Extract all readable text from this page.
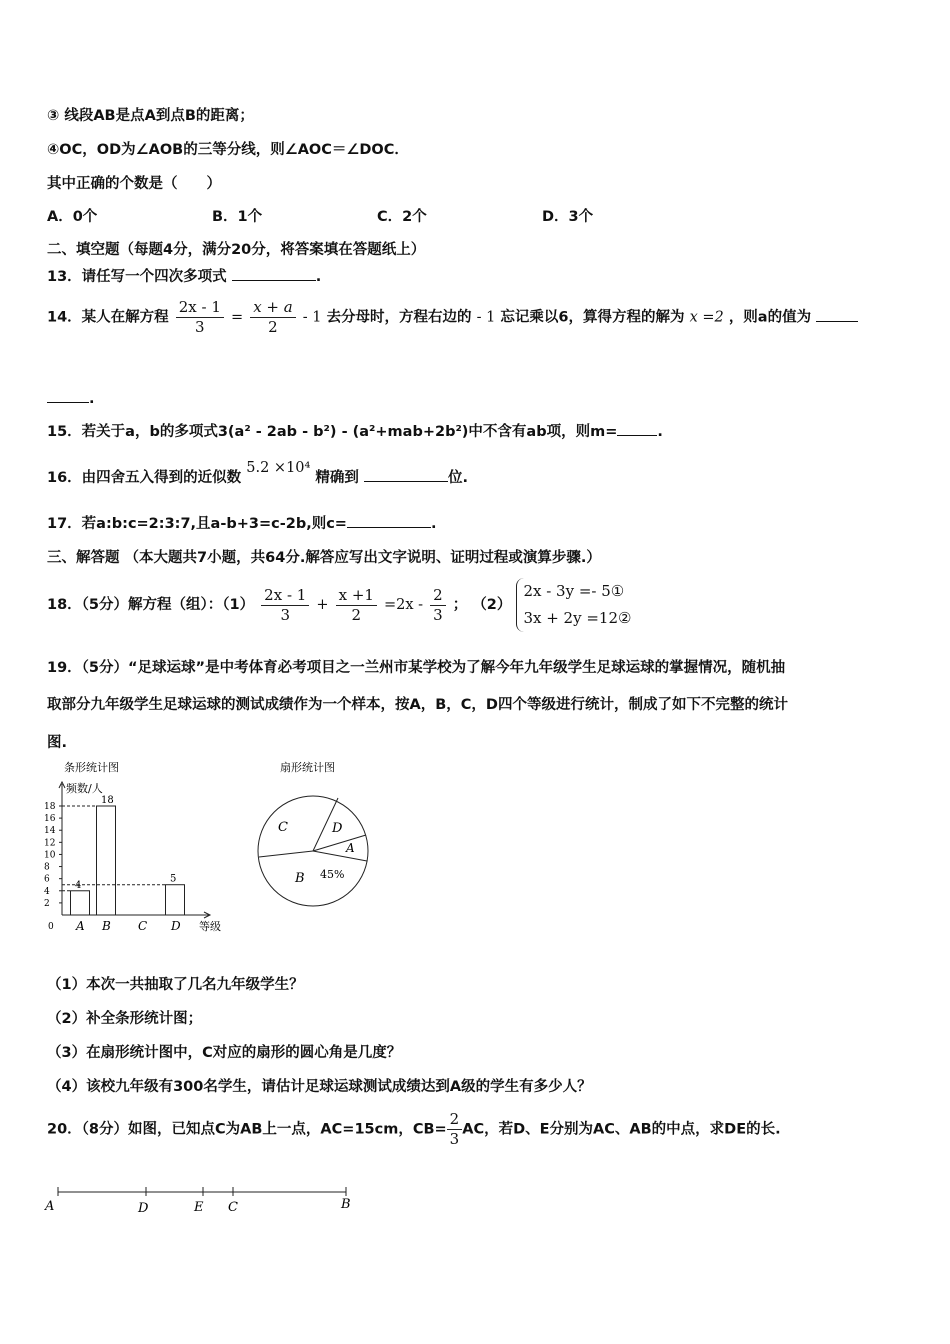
③ 线段AB是点A到点B的距离；
④OC，OD为∠AOB的三等分线，则∠AOC＝∠DOC．
其中正确的个数是（　　）
A．0个	B．1个	C．2个	D．3个
二、填空题（每题4分，满分20分，将答案填在答题纸上）
13．请任写一个四次多项式	.
14．某人在解方程 $\frac{2x - 1}{3} = \frac{x + a}{2} - 1$ 去分母时，方程右边的 - 1 忘记乘以6，算得方程的解为 x =2 ，则a的值为
.
15．若关于a，b的多项式3(a² - 2ab - b²) - (a²+mab+2b²)中不含有ab项，则m=	.
16．由四舍五入得到的近似数 5.2 ×10⁴ 精确到	位.
17．若a:b:c=2:3:7,且a-b+3=c-2b,则c=	.
三、解答题 （本大题共7小题，共64分.解答应写出文字说明、证明过程或演算步骤.）
18．（5分）解方程（组）：$(1) \frac{2x - 1}{3} + \frac{x +1}{2} =2x - \frac{2}{3}$ ； （2）
2x - 3y =- 5①
3x + 2y =12②
19．（5分）“足球运球”是中考体育必考项目之一兰州市某学校为了解今年九年级学生足球运球的掌握情况，随机抽
取部分九年级学生足球运球的测试成绩作为一个样本，按A，B，C，D四个等级进行统计，制成了如下不完整的统计
图.
条形统计图
频数/人
0
2
4
6
8
10
12
14
16
18
A
4
B
18
C D
5
等级
扇形统计图
C	D
A
B 45%
（1）本次一共抽取了几名九年级学生？
（2）补全条形统计图；
（3）在扇形统计图中，C对应的扇形的圆心角是几度？
（4）该校九年级有300名学生，请估计足球运球测试成绩达到A级的学生有多少人？
20．（8分）如图，已知点C为AB上一点，AC=15cm，$CB= \frac{2}{3}$ AC，若D、E分别为AC、AB的中点，求DE的长.
A	D	E C	B
